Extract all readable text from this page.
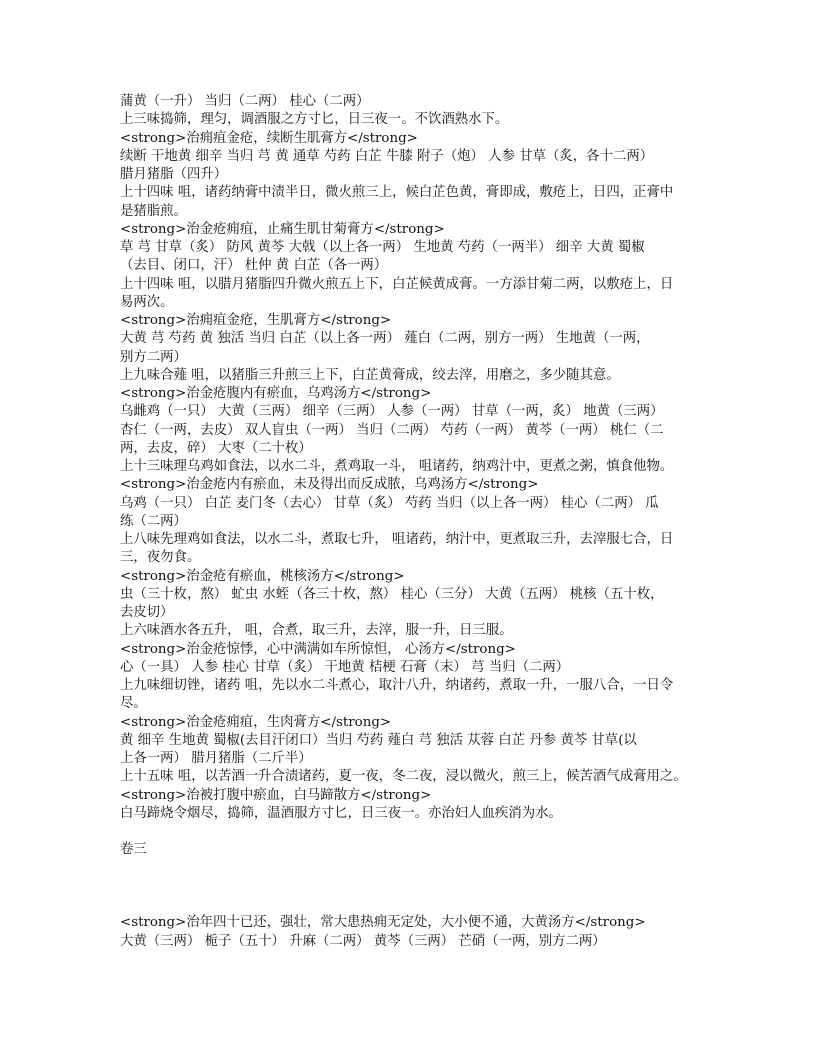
蒲黄（一升） 当归（二两） 桂心（二两）
上三味捣筛，理匀，调酒服之方寸匕，日三夜一。不饮酒熟水下。
<strong>治痈疽金疮，续断生肌膏方</strong>
续断 干地黄 细辛 当归 芎 黄 通草 芍药 白芷 牛膝 附子（炮） 人参 甘草（炙，各十二两）
腊月猪脂（四升）
上十四味 咀，诸药纳膏中渍半日，微火煎三上，候白芷色黄，膏即成，敷疮上，日四，正膏中
是猪脂煎。
<strong>治金疮痈疽，止痛生肌甘菊膏方</strong>
草 芎 甘草（炙） 防风 黄芩 大戟（以上各一两） 生地黄 芍药（一两半） 细辛 大黄 蜀椒
（去目、闭口，汗） 杜仲 黄 白芷（各一两）
上十四味 咀，以腊月猪脂四升微火煎五上下，白芷候黄成膏。一方添甘菊二两，以敷疮上，日
易两次。
<strong>治痈疽金疮，生肌膏方</strong>
大黄 芎 芍药 黄 独活 当归 白芷（以上各一两） 薤白（二两，别方一两） 生地黄（一两，
别方二两）
上九味合薤 咀，以猪脂三升煎三上下，白芷黄膏成，绞去滓，用磨之，多少随其意。
<strong>治金疮腹内有瘀血，乌鸡汤方</strong>
乌雌鸡（一只） 大黄（三两） 细辛（三两） 人参（一两） 甘草（一两，炙） 地黄（三两）
杏仁（一两，去皮） 双人盲虫（一两） 当归（二两） 芍药（一两） 黄芩（一两） 桃仁（二
两，去皮，碎） 大枣（二十枚）
上十三味理乌鸡如食法，以水二斗，煮鸡取一斗， 咀诸药，纳鸡汁中，更煮之粥，慎食他物。
<strong>治金疮内有瘀血，未及得出而反成脓，乌鸡汤方</strong>
乌鸡（一只） 白芷 麦门冬（去心） 甘草（炙） 芍药 当归（以上各一两） 桂心（二两） 瓜
练（二两）
上八味先理鸡如食法，以水二斗，煮取七升， 咀诸药，纳汁中，更煮取三升，去滓服七合，日
三，夜勿食。
<strong>治金疮有瘀血，桃核汤方</strong>
虫（三十枚，熬） 虻虫 水蛭（各三十枚，熬） 桂心（三分） 大黄（五两） 桃核（五十枚，
去皮切）
上六味酒水各五升， 咀，合煮，取三升，去滓，服一升，日三服。
<strong>治金疮惊悸，心中满满如车所惊怛， 心汤方</strong>
心（一具） 人参 桂心 甘草（炙） 干地黄 桔梗 石膏（末） 芎 当归（二两）
上九味细切锉，诸药 咀，先以水二斗煮心，取汁八升，纳诸药，煮取一升，一服八合，一日令
尽。
<strong>治金疮痈疽，生肉膏方</strong>
黄 细辛 生地黄 蜀椒(去目汗闭口）当归 芍药 薤白 芎 独活 苁蓉 白芷 丹参 黄芩 甘草(以
上各一两） 腊月猪脂（二斤半）
上十五味 咀，以苦酒一升合渍诸药，夏一夜，冬二夜，浸以微火，煎三上，候苦酒气成膏用之。
<strong>治被打腹中瘀血，白马蹄散方</strong>
白马蹄烧令烟尽，捣筛，温酒服方寸匕，日三夜一。亦治妇人血疾消为水。
卷三
<strong>治年四十已还，强壮，常大患热痈无定处，大小便不通，大黄汤方</strong>
大黄（三两） 栀子（五十） 升麻（二两） 黄芩（三两） 芒硝（一两，别方二两）
